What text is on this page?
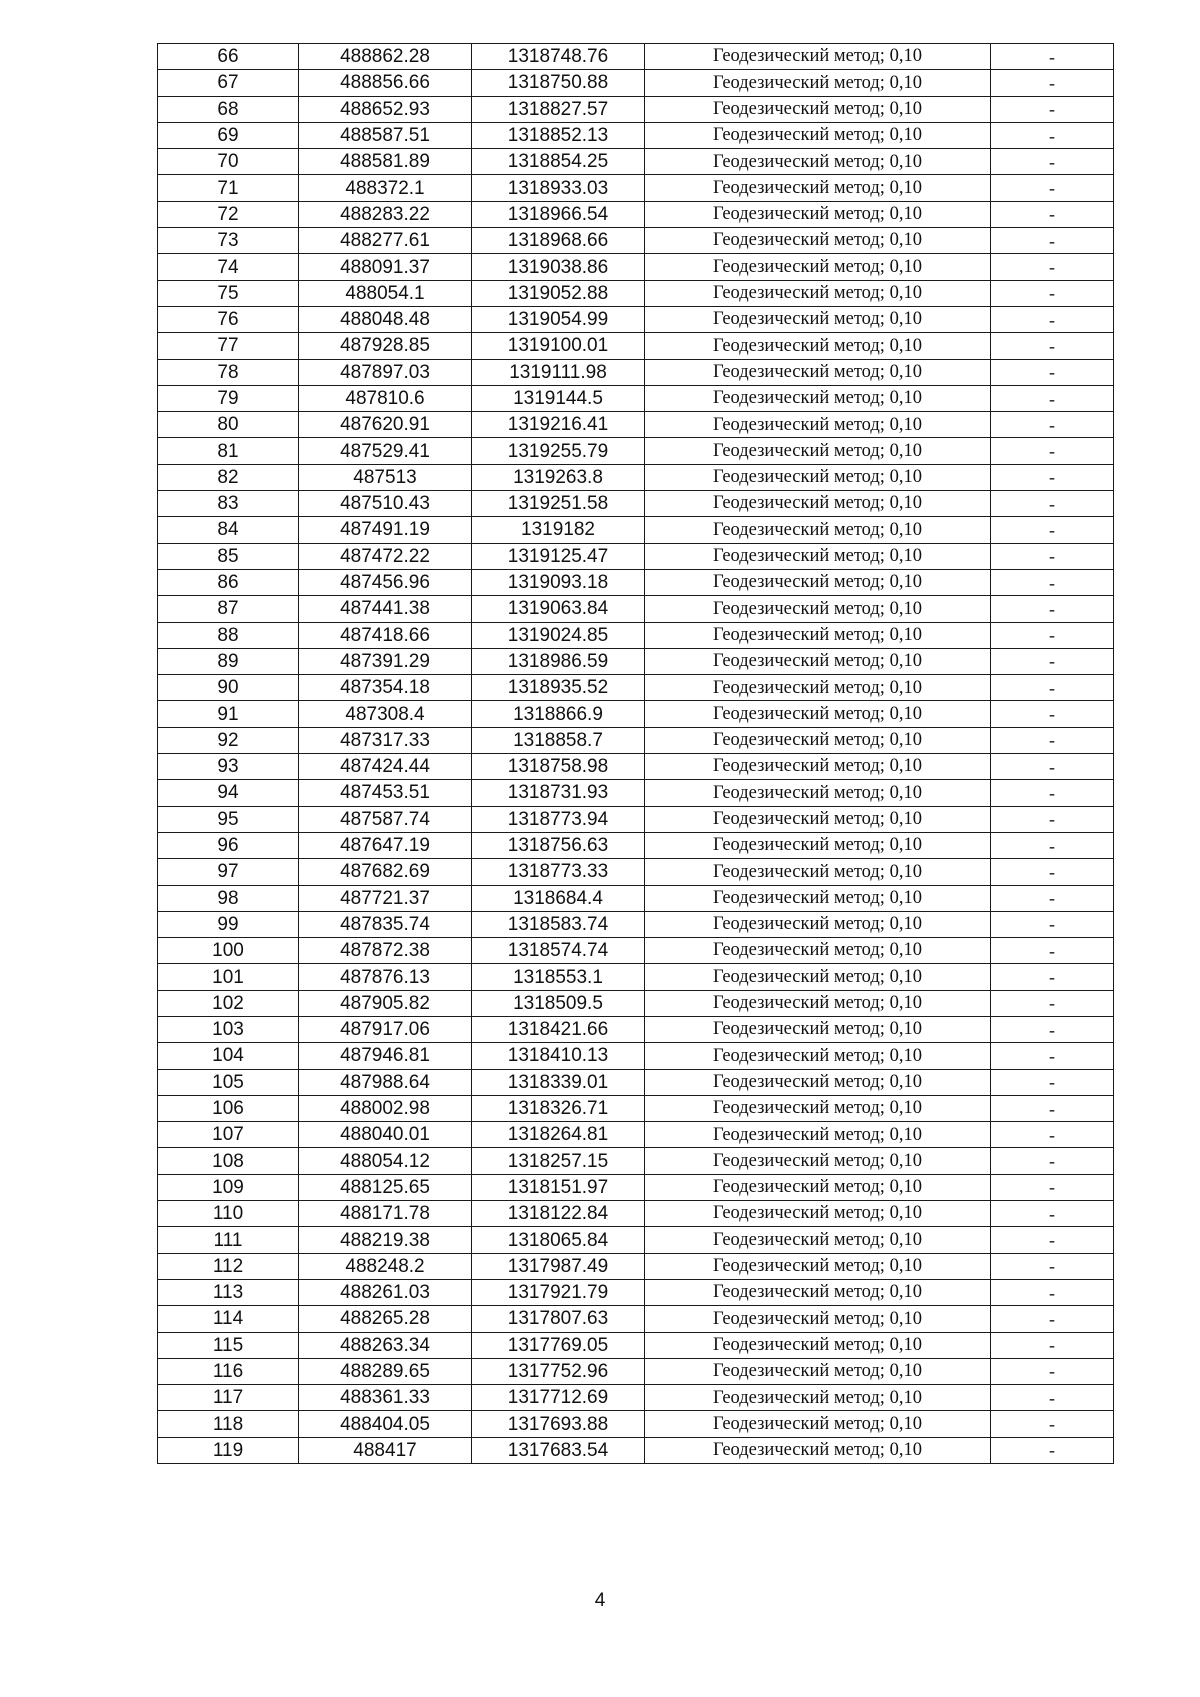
66	488862.28	1318748.76	Геодезический метод; 0,10	-
67	488856.66	1318750.88	Геодезический метод; 0,10	-
68	488652.93	1318827.57	Геодезический метод; 0,10	-
69	488587.51	1318852.13	Геодезический метод; 0,10	-
70	488581.89	1318854.25	Геодезический метод; 0,10	-
71	488372.1	1318933.03	Геодезический метод; 0,10	-
72	488283.22	1318966.54	Геодезический метод; 0,10	-
73	488277.61	1318968.66	Геодезический метод; 0,10	-
74	488091.37	1319038.86	Геодезический метод; 0,10	-
75	488054.1	1319052.88	Геодезический метод; 0,10	-
76	488048.48	1319054.99	Геодезический метод; 0,10	-
77	487928.85	1319100.01	Геодезический метод; 0,10	-
78	487897.03	1319111.98	Геодезический метод; 0,10	-
79	487810.6	1319144.5	Геодезический метод; 0,10	-
80	487620.91	1319216.41	Геодезический метод; 0,10	-
81	487529.41	1319255.79	Геодезический метод; 0,10	-
82	487513	1319263.8	Геодезический метод; 0,10	-
83	487510.43	1319251.58	Геодезический метод; 0,10	-
84	487491.19	1319182	Геодезический метод; 0,10	-
85	487472.22	1319125.47	Геодезический метод; 0,10	-
86	487456.96	1319093.18	Геодезический метод; 0,10	-
87	487441.38	1319063.84	Геодезический метод; 0,10	-
88	487418.66	1319024.85	Геодезический метод; 0,10	-
89	487391.29	1318986.59	Геодезический метод; 0,10	-
90	487354.18	1318935.52	Геодезический метод; 0,10	-
91	487308.4	1318866.9	Геодезический метод; 0,10	-
92	487317.33	1318858.7	Геодезический метод; 0,10	-
93	487424.44	1318758.98	Геодезический метод; 0,10	-
94	487453.51	1318731.93	Геодезический метод; 0,10	-
95	487587.74	1318773.94	Геодезический метод; 0,10	-
96	487647.19	1318756.63	Геодезический метод; 0,10	-
97	487682.69	1318773.33	Геодезический метод; 0,10	-
98	487721.37	1318684.4	Геодезический метод; 0,10	-
99	487835.74	1318583.74	Геодезический метод; 0,10	-
100	487872.38	1318574.74	Геодезический метод; 0,10	-
101	487876.13	1318553.1	Геодезический метод; 0,10	-
102	487905.82	1318509.5	Геодезический метод; 0,10	-
103	487917.06	1318421.66	Геодезический метод; 0,10	-
104	487946.81	1318410.13	Геодезический метод; 0,10	-
105	487988.64	1318339.01	Геодезический метод; 0,10	-
106	488002.98	1318326.71	Геодезический метод; 0,10	-
107	488040.01	1318264.81	Геодезический метод; 0,10	-
108	488054.12	1318257.15	Геодезический метод; 0,10	-
109	488125.65	1318151.97	Геодезический метод; 0,10	-
110	488171.78	1318122.84	Геодезический метод; 0,10	-
111	488219.38	1318065.84	Геодезический метод; 0,10	-
112	488248.2	1317987.49	Геодезический метод; 0,10	-
113	488261.03	1317921.79	Геодезический метод; 0,10	-
114	488265.28	1317807.63	Геодезический метод; 0,10	-
115	488263.34	1317769.05	Геодезический метод; 0,10	-
116	488289.65	1317752.96	Геодезический метод; 0,10	-
117	488361.33	1317712.69	Геодезический метод; 0,10	-
118	488404.05	1317693.88	Геодезический метод; 0,10	-
119	488417	1317683.54	Геодезический метод; 0,10	-
4
